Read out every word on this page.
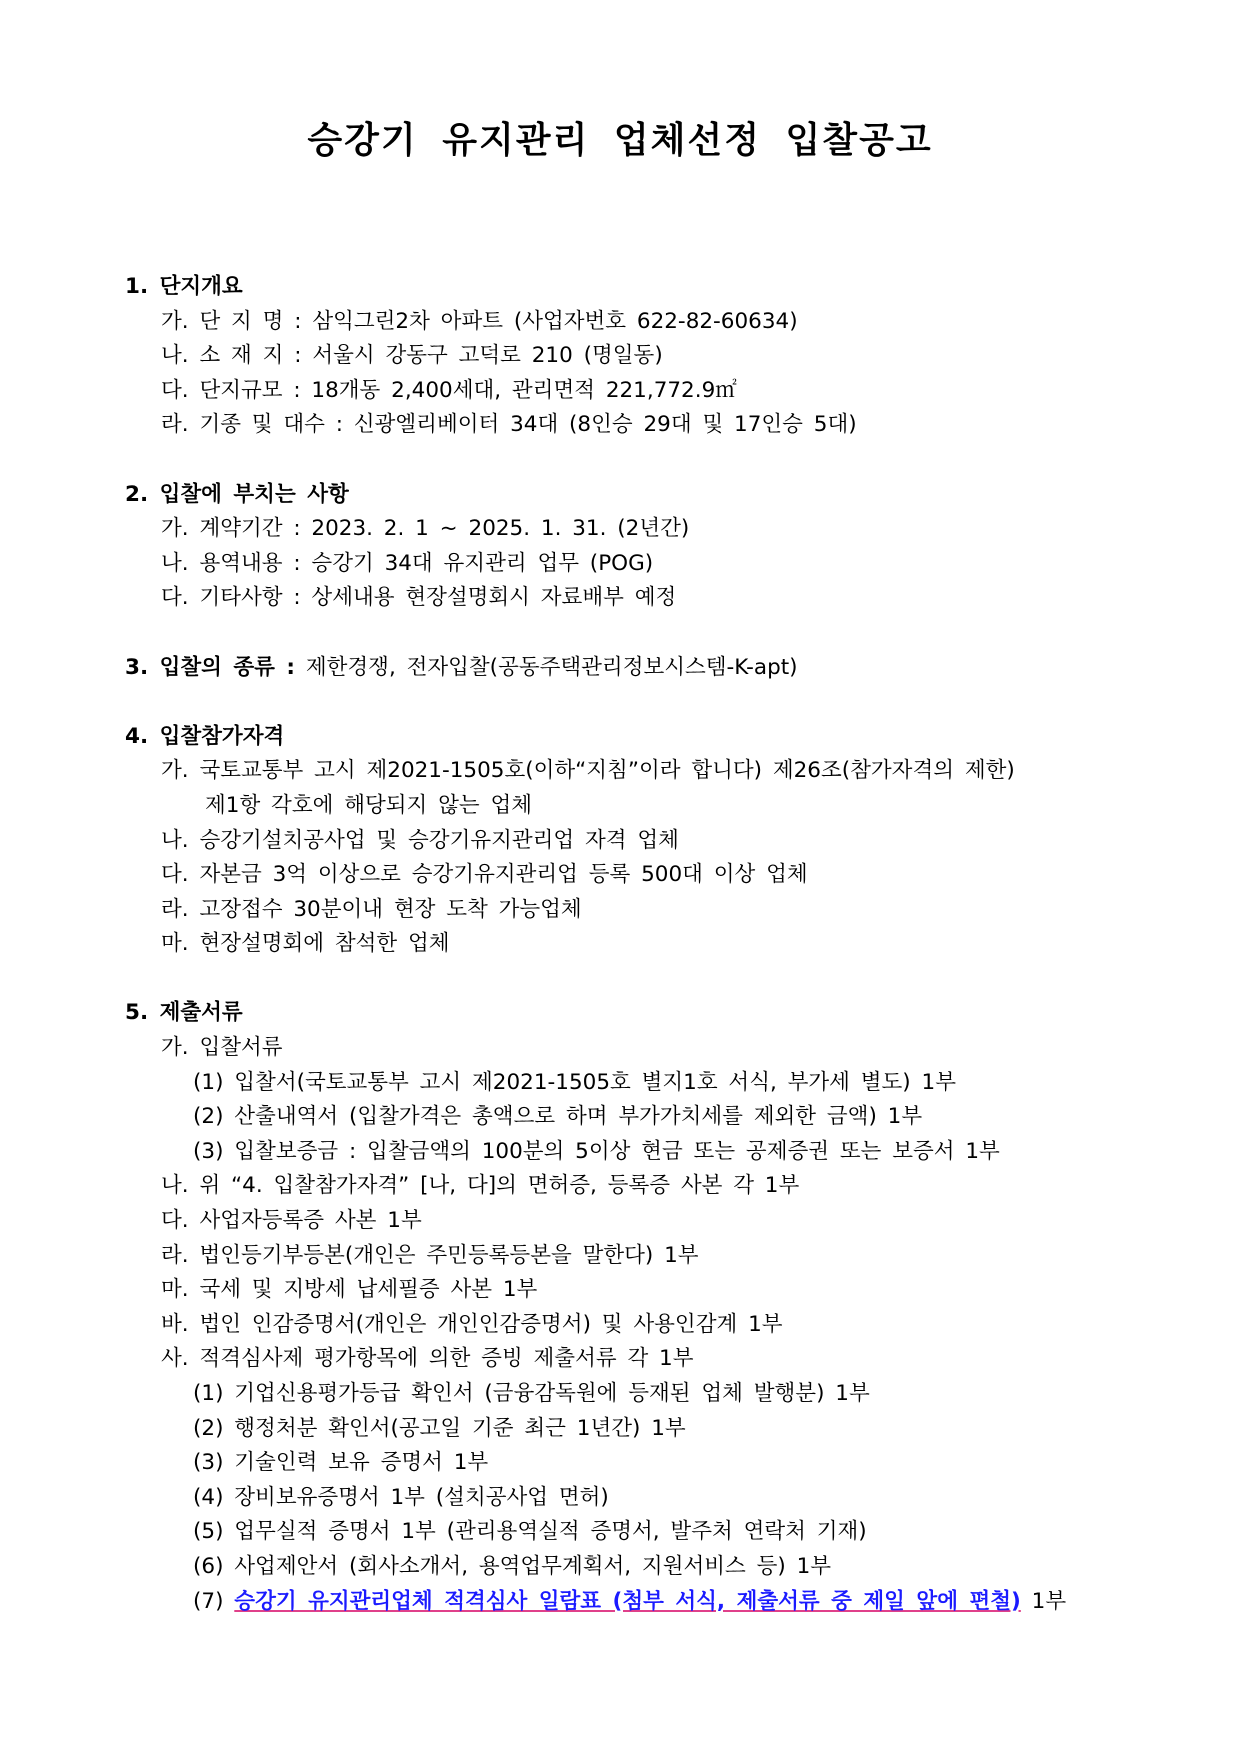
승강기 유지관리 업체선정 입찰공고
1. 단지개요
가. 단 지 명 : 삼익그린2차 아파트 (사업자번호 622-82-60634)
나. 소 재 지 : 서울시 강동구 고덕로 210 (명일동)
다. 단지규모 : 18개동 2,400세대, 관리면적 221,772.9㎡
라. 기종 및 대수 : 신광엘리베이터 34대 (8인승 29대 및 17인승 5대)
2. 입찰에 부치는 사항
가. 계약기간 : 2023. 2. 1 ~ 2025. 1. 31. (2년간)
나. 용역내용 : 승강기 34대 유지관리 업무 (POG)
다. 기타사항 : 상세내용 현장설명회시 자료배부 예정
3. 입찰의 종류 : 제한경쟁, 전자입찰(공동주택관리정보시스템-K-apt)
4. 입찰참가자격
가. 국토교통부 고시 제2021-1505호(이하“지침”이라 합니다) 제26조(참가자격의 제한)
제1항 각호에 해당되지 않는 업체
나. 승강기설치공사업 및 승강기유지관리업 자격 업체
다. 자본금 3억 이상으로 승강기유지관리업 등록 500대 이상 업체
라. 고장접수 30분이내 현장 도착 가능업체
마. 현장설명회에 참석한 업체
5. 제출서류
가. 입찰서류
(1) 입찰서(국토교통부 고시 제2021-1505호 별지1호 서식, 부가세 별도) 1부
(2) 산출내역서 (입찰가격은 총액으로 하며 부가가치세를 제외한 금액) 1부
(3) 입찰보증금 : 입찰금액의 100분의 5이상 현금 또는 공제증권 또는 보증서 1부
나. 위 “4. 입찰참가자격” [나, 다]의 면허증, 등록증 사본 각 1부
다. 사업자등록증 사본 1부
라. 법인등기부등본(개인은 주민등록등본을 말한다) 1부
마. 국세 및 지방세 납세필증 사본 1부
바. 법인 인감증명서(개인은 개인인감증명서) 및 사용인감계 1부
사. 적격심사제 평가항목에 의한 증빙 제출서류 각 1부
(1) 기업신용평가등급 확인서 (금융감독원에 등재된 업체 발행분) 1부
(2) 행정처분 확인서(공고일 기준 최근 1년간) 1부
(3) 기술인력 보유 증명서 1부
(4) 장비보유증명서 1부 (설치공사업 면허)
(5) 업무실적 증명서 1부 (관리용역실적 증명서, 발주처 연락처 기재)
(6) 사업제안서 (회사소개서, 용역업무계획서, 지원서비스 등) 1부
(7) 승강기 유지관리업체 적격심사 일람표 (첨부 서식, 제출서류 중 제일 앞에 편철) 1부
